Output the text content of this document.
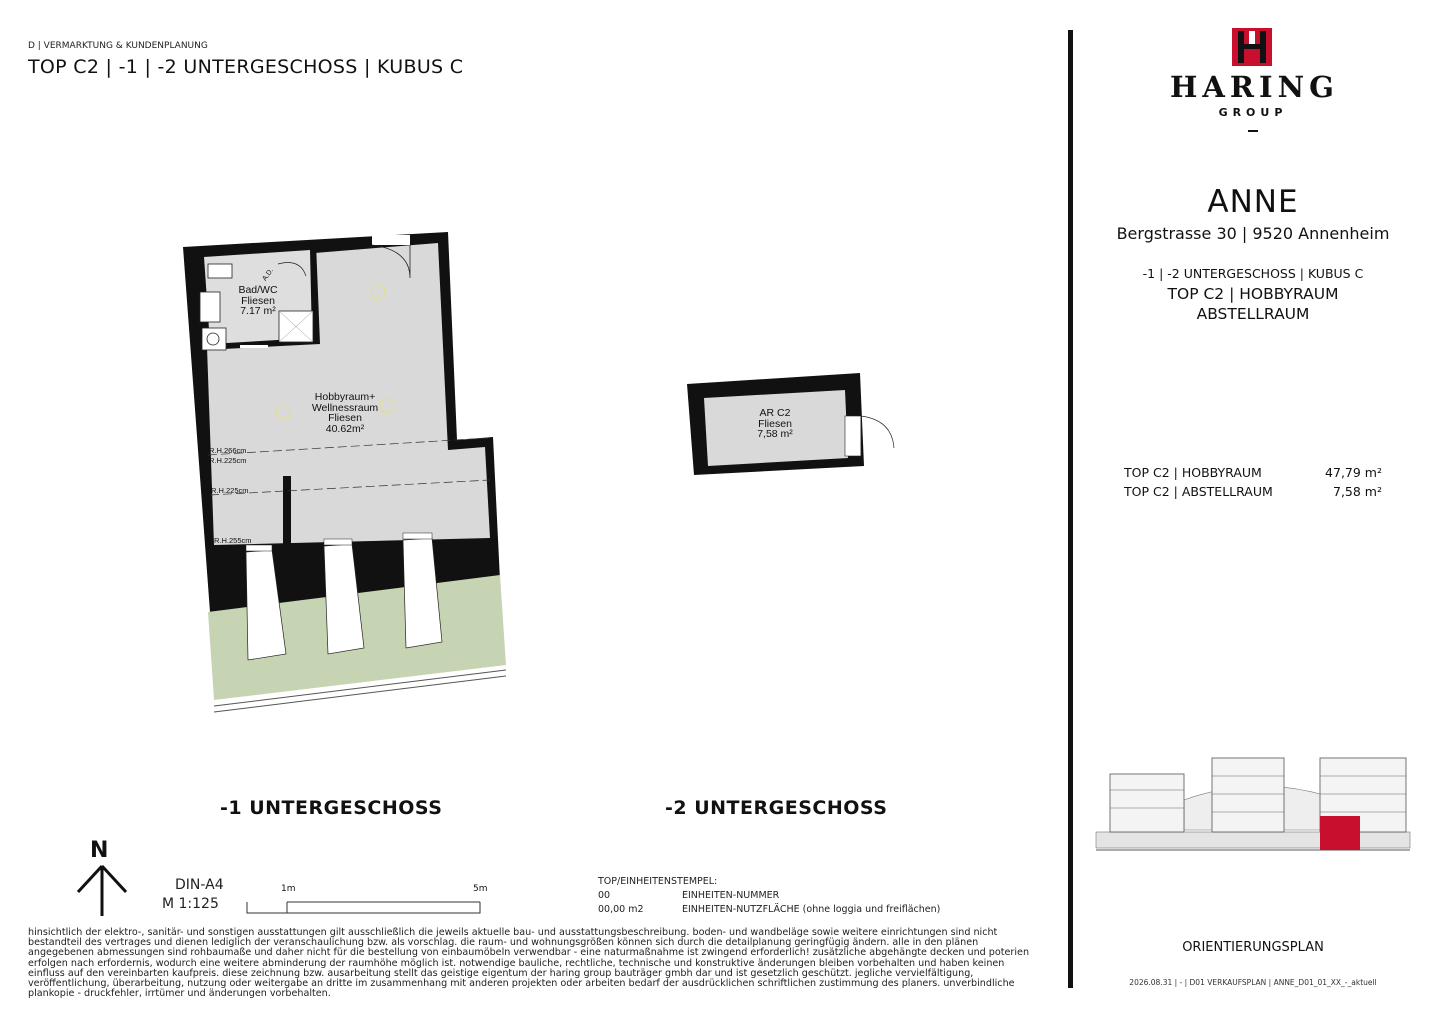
D | VERMARKTUNG & KUNDENPLANUNG
TOP C2 | -1 | -2 UNTERGESCHOSS | KUBUS C
Bad/WC
Fliesen
7.17 m²
A.D.
Hobbyraum+
Wellnessraum
Fliesen
40.62m²
AR C2
Fliesen
7,58 m²
R.H.266cm
R.H.225cm
R.H.225cm
R.H.255cm
-1 UNTERGESCHOSS	-2 UNTERGESCHOSS
N
DIN-A4
M 1:125
1m	5m
TOP/EINHEITENSTEMPEL:
00	EINHEITEN-NUMMER
00,00 m2	EINHEITEN-NUTZFLÄCHE (ohne loggia und freiflächen)
hinsichtlich der elektro-, sanitär- und sonstigen ausstattungen gilt ausschließlich die jeweils aktuelle bau- und ausstattungsbeschreibung. boden- und wandbeläge sowie weitere einrichtungen sind nicht bestandteil des vertrages und dienen lediglich der veranschaulichung bzw. als vorschlag. die raum- und wohnungsgrößen können sich durch die detailplanung geringfügig ändern. alle in den plänen angegebenen abmessungen sind rohbaumaße und daher nicht für die bestellung von einbaumöbeln verwendbar - eine naturmaßnahme ist zwingend erforderlich! zusätzliche abgehängte decken und poterien erfolgen nach erfordernis, wodurch eine weitere abminderung der raumhöhe möglich ist. notwendige bauliche, rechtliche, technische und konstruktive änderungen bleiben vorbehalten und haben keinen einfluss auf den vereinbarten kaufpreis. diese zeichnung bzw. ausarbeitung stellt das geistige eigentum der haring group bauträger gmbh dar und ist gesetzlich geschützt. jegliche vervielfältigung, veröffentlichung, überarbeitung, nutzung oder weitergabe an dritte im zusammenhang mit anderen projekten oder arbeiten bedarf der ausdrücklichen schriftlichen zustimmung des planers. unverbindliche plankopie - druckfehler, irrtümer und änderungen vorbehalten.
HARING
GROUP
ANNE
Bergstrasse 30 | 9520 Annenheim
-1 | -2 UNTERGESCHOSS | KUBUS C
TOP C2 | HOBBYRAUM
ABSTELLRAUM
TOP C2 | HOBBYRAUM	47,79 m²
TOP C2 | ABSTELLRAUM	7,58 m²
ORIENTIERUNGSPLAN
2026.08.31 | - | D01 VERKAUFSPLAN | ANNE_D01_01_XX_-_aktuell
